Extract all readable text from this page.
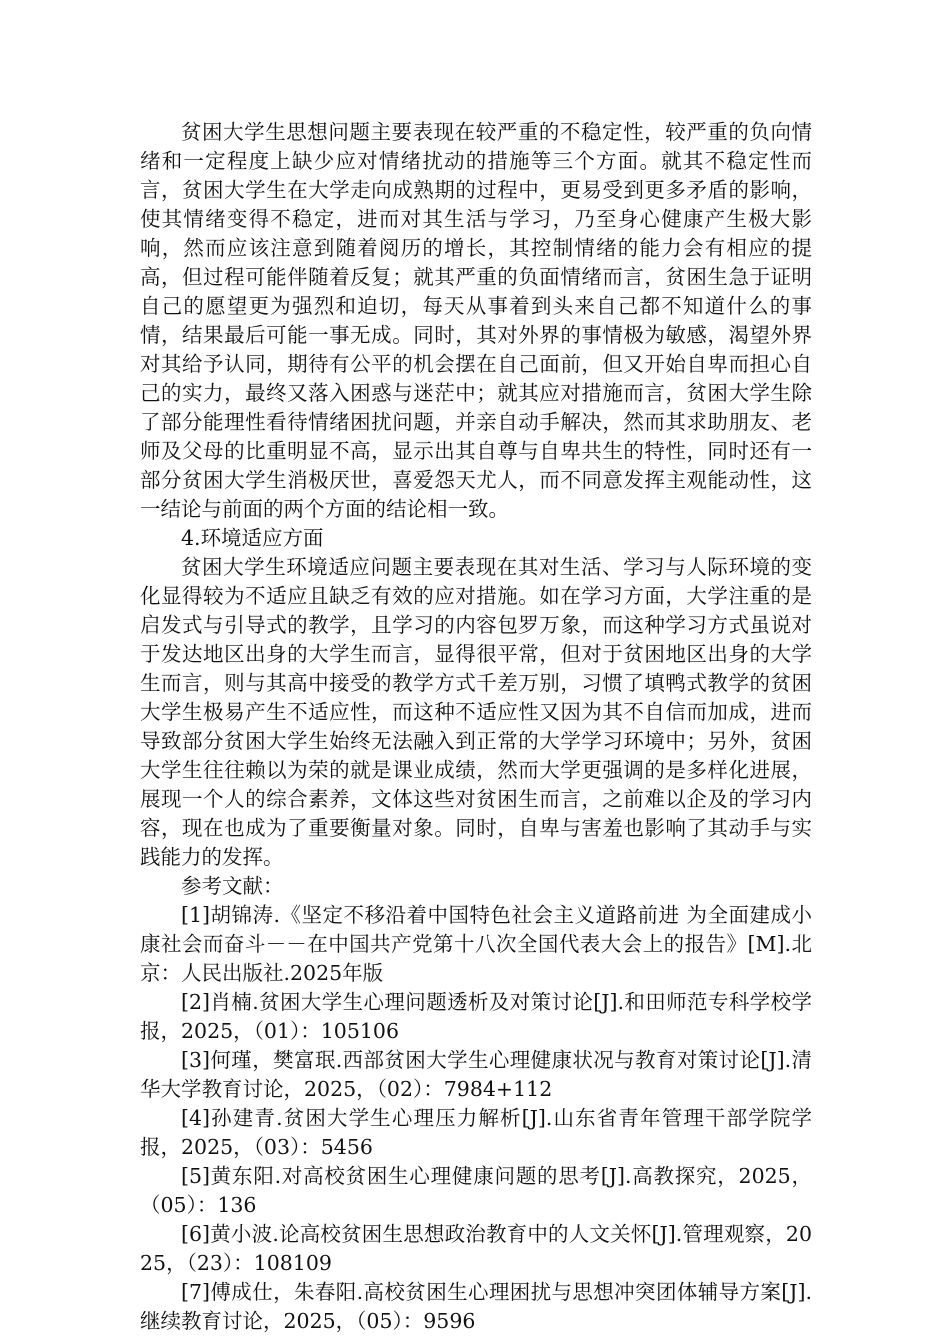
贫困大学生思想问题主要表现在较严重的不稳定性，较严重的负向情绪和一定程度上缺少应对情绪扰动的措施等三个方面。就其不稳定性而言，贫困大学生在大学走向成熟期的过程中，更易受到更多矛盾的影响，使其情绪变得不稳定，进而对其生活与学习，乃至身心健康产生极大影响，然而应该注意到随着阅历的增长，其控制情绪的能力会有相应的提高，但过程可能伴随着反复；就其严重的负面情绪而言，贫困生急于证明自己的愿望更为强烈和迫切，每天从事着到头来自己都不知道什么的事情，结果最后可能一事无成。同时，其对外界的事情极为敏感，渴望外界对其给予认同，期待有公平的机会摆在自己面前，但又开始自卑而担心自己的实力，最终又落入困惑与迷茫中；就其应对措施而言，贫困大学生除了部分能理性看待情绪困扰问题，并亲自动手解决，然而其求助朋友、老师及父母的比重明显不高，显示出其自尊与自卑共生的特性，同时还有一部分贫困大学生消极厌世，喜爱怨天尤人，而不同意发挥主观能动性，这一结论与前面的两个方面的结论相一致。

4.环境适应方面

贫困大学生环境适应问题主要表现在其对生活、学习与人际环境的变化显得较为不适应且缺乏有效的应对措施。如在学习方面，大学注重的是启发式与引导式的教学，且学习的内容包罗万象，而这种学习方式虽说对于发达地区出身的大学生而言，显得很平常，但对于贫困地区出身的大学生而言，则与其高中接受的教学方式千差万别，习惯了填鸭式教学的贫困大学生极易产生不适应性，而这种不适应性又因为其不自信而加成，进而导致部分贫困大学生始终无法融入到正常的大学学习环境中；另外，贫困大学生往往赖以为荣的就是课业成绩，然而大学更强调的是多样化进展，展现一个人的综合素养，文体这些对贫困生而言，之前难以企及的学习内容，现在也成为了重要衡量对象。同时，自卑与害羞也影响了其动手与实践能力的发挥。

参考文献：

[1]胡锦涛.《坚定不移沿着中国特色社会主义道路前进 为全面建成小康社会而奋斗－－在中国共产党第十八次全国代表大会上的报告》[M].北京：人民出版社.2025年版

[2]肖楠.贫困大学生心理问题透析及对策讨论[J].和田师范专科学校学报，2025，（01）：105106

[3]何瑾，樊富珉.西部贫困大学生心理健康状况与教育对策讨论[J].清华大学教育讨论，2025，（02）：7984+112

[4]孙建青.贫困大学生心理压力解析[J].山东省青年管理干部学院学报，2025，（03）：5456

[5]黄东阳.对高校贫困生心理健康问题的思考[J].高教探究，2025，（05）：136

[6]黄小波.论高校贫困生思想政治教育中的人文关怀[J].管理观察，2025，（23）：108109

[7]傅成仕，朱春阳.高校贫困生心理困扰与思想冲突团体辅导方案[J].继续教育讨论，2025，（05）：9596
